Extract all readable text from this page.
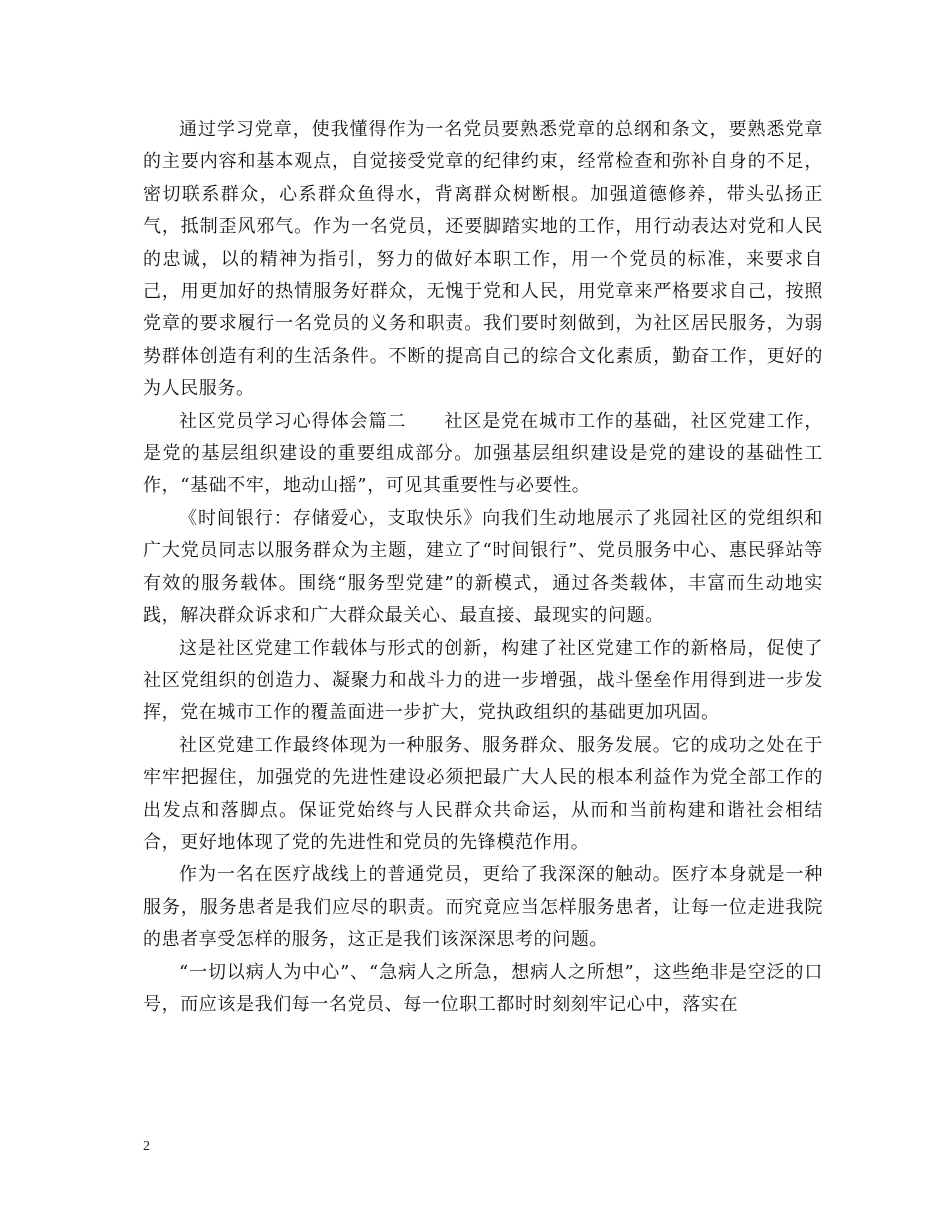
通过学习党章，使我懂得作为一名党员要熟悉党章的总纲和条文，要熟悉党章的主要内容和基本观点，自觉接受党章的纪律约束，经常检查和弥补自身的不足，密切联系群众，心系群众鱼得水，背离群众树断根。加强道德修养，带头弘扬正气，抵制歪风邪气。作为一名党员，还要脚踏实地的工作，用行动表达对党和人民的忠诚，以的精神为指引，努力的做好本职工作，用一个党员的标准，来要求自己，用更加好的热情服务好群众，无愧于党和人民，用党章来严格要求自己，按照党章的要求履行一名党员的义务和职责。我们要时刻做到，为社区居民服务，为弱势群体创造有利的生活条件。不断的提高自己的综合文化素质，勤奋工作，更好的为人民服务。

社区党员学习心得体会篇二　　社区是党在城市工作的基础，社区党建工作，是党的基层组织建设的重要组成部分。加强基层组织建设是党的建设的基础性工作，“基础不牢，地动山摇”，可见其重要性与必要性。

《时间银行：存储爱心，支取快乐》向我们生动地展示了兆园社区的党组织和广大党员同志以服务群众为主题，建立了“时间银行”、党员服务中心、惠民驿站等有效的服务载体。围绕“服务型党建”的新模式，通过各类载体，丰富而生动地实践，解决群众诉求和广大群众最关心、最直接、最现实的问题。

这是社区党建工作载体与形式的创新，构建了社区党建工作的新格局，促使了社区党组织的创造力、凝聚力和战斗力的进一步增强，战斗堡垒作用得到进一步发挥，党在城市工作的覆盖面进一步扩大，党执政组织的基础更加巩固。

社区党建工作最终体现为一种服务、服务群众、服务发展。它的成功之处在于牢牢把握住，加强党的先进性建设必须把最广大人民的根本利益作为党全部工作的出发点和落脚点。保证党始终与人民群众共命运，从而和当前构建和谐社会相结合，更好地体现了党的先进性和党员的先锋模范作用。

作为一名在医疗战线上的普通党员，更给了我深深的触动。医疗本身就是一种服务，服务患者是我们应尽的职责。而究竟应当怎样服务患者，让每一位走进我院的患者享受怎样的服务，这正是我们该深深思考的问题。

“一切以病人为中心”、“急病人之所急，想病人之所想”，这些绝非是空泛的口号，而应该是我们每一名党员、每一位职工都时时刻刻牢记心中，落实在

2
